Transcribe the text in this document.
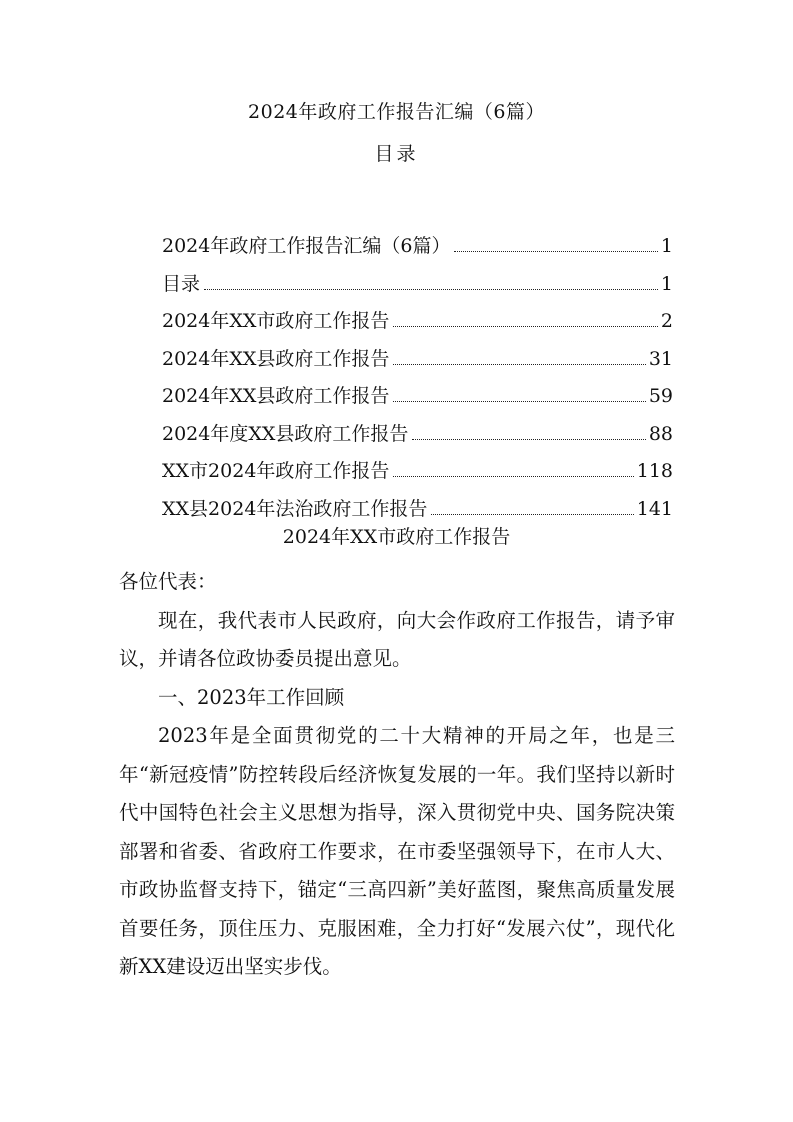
2024年政府工作报告汇编（6篇）
目录
2024年政府工作报告汇编（6篇）	1
目录	1
2024年XX市政府工作报告	2
2024年XX县政府工作报告	31
2024年XX县政府工作报告	59
2024年度XX县政府工作报告	88
XX市2024年政府工作报告	118
XX县2024年法治政府工作报告	141
2024年XX市政府工作报告

各位代表：

现在，我代表市人民政府，向大会作政府工作报告，请予审议，并请各位政协委员提出意见。

一、2023年工作回顾

2023年是全面贯彻党的二十大精神的开局之年，也是三年“新冠疫情”防控转段后经济恢复发展的一年。我们坚持以新时代中国特色社会主义思想为指导，深入贯彻党中央、国务院决策部署和省委、省政府工作要求，在市委坚强领导下，在市人大、市政协监督支持下，锚定“三高四新”美好蓝图，聚焦高质量发展首要任务，顶住压力、克服困难，全力打好“发展六仗”，现代化新XX建设迈出坚实步伐。
